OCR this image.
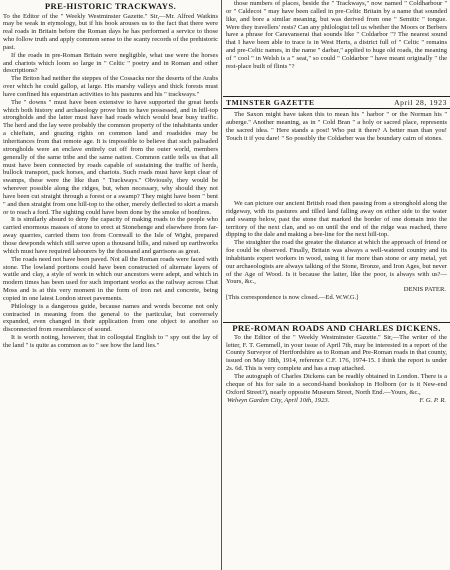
PRE-HISTORIC TRACKWAYS.

To the Editor of the " Weekly Westminster Gazette." Sir,—Mr. Alfred Watkins may be weak in etymology, but if his book arouses us to the fact that there were real roads in Britain before the Roman days he has performed a service to those who follow truth and apply common sense to the scanty records of the prehistoric past.

If the roads in pre-Roman Britain were negligible, what use were the horses and chariots which loom so large in " Celtic " poetry and in Roman and other descriptions?

The Briton had neither the steppes of the Cossacks nor the deserts of the Arabs over which he could gallop, at large. His marshy valleys and thick forests must have confined his equestrian activities to his pastures and his " trackways."

The " downs " must have been extensive to have supported the great herds which both history and archaeology prove him to have possessed, and in hill-top strongholds and the latter must have had roads which would bear busy traffic. The herd and the lay were probably the common property of the inhabitants under a chieftain, and grazing rights on common land and roadsides may be inheritances from that remote age. It is impossible to believe that such palisaded strongholds were an enclave entirely cut off from the outer world, members generally of the same tribe and the same nation. Common cattle tells us that all must have been connected by roads capable of sustaining the traffic of herds, bullock transport, pack horses, and chariots. Such roads must have kept clear of swamps, these were the like than " Trackways." Obviously, they would be wherever possible along the ridges, but, when necessary, why should they not have been cut straight through a forest or a swamp? They might have been " bent " and then straight from one hill-top to the other, merely deflected to skirt a marsh or to reach a ford. The sighting could have been done by the smoke of bonfires.

It is similarly absurd to deny the capacity of making roads to the people who carried enormous masses of stone to erect at Stonehenge and elsewhere from far-away quarries, carried them too from Cornwall to the Isle of Wight, prepared those dewponds which still serve upon a thousand hills, and raised up earthworks which must have required labourers by the thousand and garrisons as great.

The roads need not have been paved. Not all the Roman roads were faced with stone. The lowland portions could have been constructed of alternate layers of wattle and clay, a style of work in which our ancestors were adept, and which in modern times has been used for such important works as the railway across Chat Moss and is at this very moment in the form of iron net and concrete, being copied in one latest London street pavements.

Philology is a dangerous guide, because names and words become not only contracted in meaning from the general to the particular, but conversely expanded, even changed in their application from one object to another so disconnected from resemblance of sound.

It is worth noting, however, that in colloquial English to " spy out the lay of the land " is quite as common as to " see how the land lies."

those numbers of places, beside the " Trackways," now named " Coldharbour " or " Caldecot " may have been called in pre-Celtic Britain by a name that sounded like, and bore a similar meaning, but was derived from one " Semitic " tongue. Were they travellers' rests? Can any philologist tell us whether the Moors or Berbers have a phrase for Caravanserai that sounds like " Coldarbor "? The nearest sound that I have been able to trace is in West Herts, a district full of " Celtic " remains and pre-Celtic names, in the name " darbar," applied to huge old roads, the meaning of " cool " in Welsh is a " seat," so could " Coldarbor " have meant originally " the rest-place built of flints "?

TMINSTER GAZETTE	April 28, 1923

The Saxon might have taken this to mean his " harbor " or the Norman his " auberge." Another meaning, as in " Cold Bran " a holy or sacred place, represents the sacred idea. " Here stands a post! Who put it there? A better man than you! Touch it if you dare! " So possibly the Coldarber was the boundary cairn of stones.

We can picture our ancient British road then passing from a stronghold along the ridgeway, with its pastures and tilled land falling away on either side to the water and swamp below, past the stone that marked the border of one domain into the territory of the next clan, and so on until the end of the ridge was reached, there dipping to the dale and making a bee-line for the next hill-top.

The straighter the road the greater the distance at which the approach of friend or foe could be observed. Finally, Britain was always a well-watered country and its inhabitants expert workers in wood, using it far more than stone or any metal, yet our archaeologists are always talking of the Stone, Bronze, and Iron Ages, but never of the Age of Wood. Is it because the latter, like the poor, is always with us?—Yours, &c.,

DENIS PATER.
[This correspondence is now closed.—Ed. W.W.G.]
PRE-ROMAN ROADS AND CHARLES DICKENS.

To the Editor of the " Weekly Westminster Gazette." Sir,—The writer of the letter, F. T. Gemmell, in your issue of April 7th, may be interested in a report of the County Surveyor of Hertfordshire as to Roman and Pre-Roman roads in that county, issued on May 18th, 1914, reference C.F. 176, 1974-15. I think the report is under 2s. 6d. This is very complete and has a map attached.

The autograph of Charles Dickens can be readily obtained in London. There is a cheque of his for sale in a second-hand bookshop in Holborn (or is it New-end Oxford Street?), nearly opposite Museum Street, North End.—Yours, &c.,

Welwyn Garden City, April 10th, 1923.	F. G. P. R.
